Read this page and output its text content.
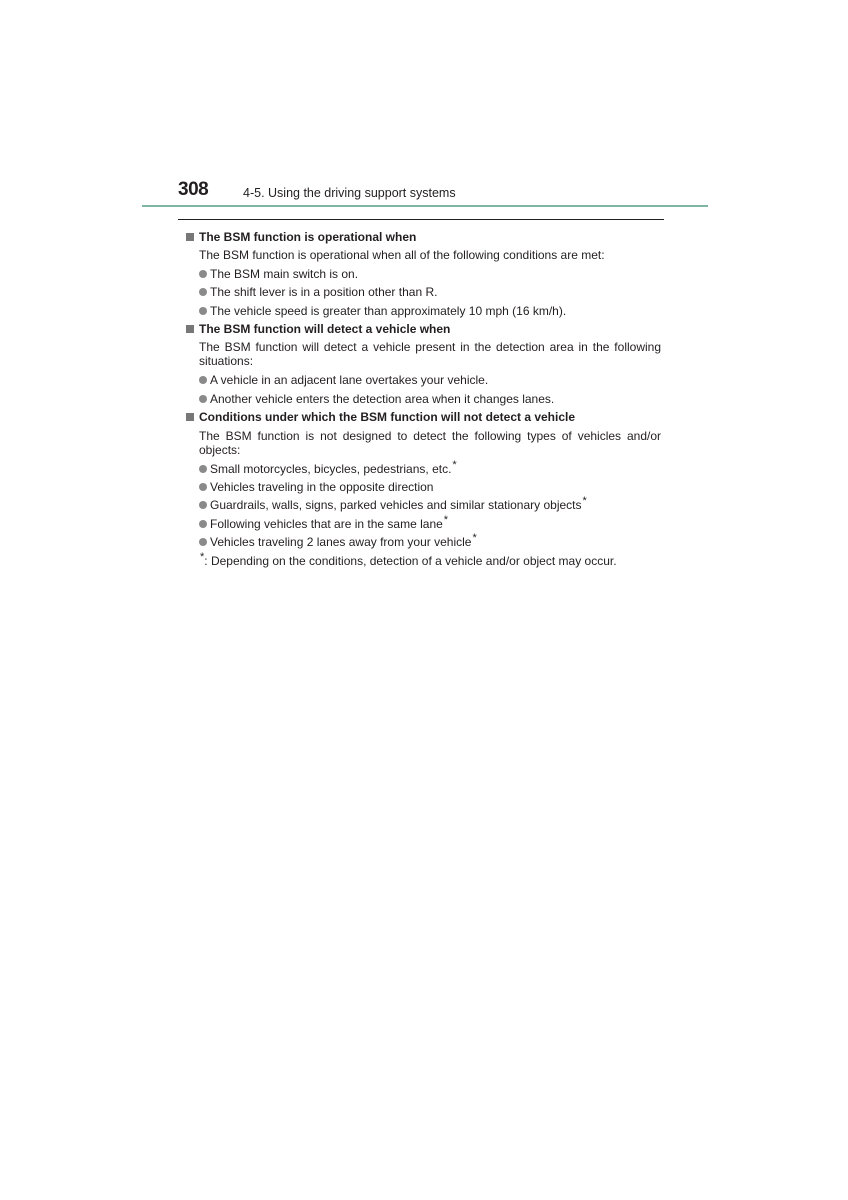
308	4-5. Using the driving support systems
The BSM function is operational when
The BSM function is operational when all of the following conditions are met:
The BSM main switch is on.
The shift lever is in a position other than R.
The vehicle speed is greater than approximately 10 mph (16 km/h).
The BSM function will detect a vehicle when
The BSM function will detect a vehicle present in the detection area in the following situations:
A vehicle in an adjacent lane overtakes your vehicle.
Another vehicle enters the detection area when it changes lanes.
Conditions under which the BSM function will not detect a vehicle
The BSM function is not designed to detect the following types of vehicles and/or objects:
Small motorcycles, bicycles, pedestrians, etc.*
Vehicles traveling in the opposite direction
Guardrails, walls, signs, parked vehicles and similar stationary objects*
Following vehicles that are in the same lane*
Vehicles traveling 2 lanes away from your vehicle*
*: Depending on the conditions, detection of a vehicle and/or object may occur.
